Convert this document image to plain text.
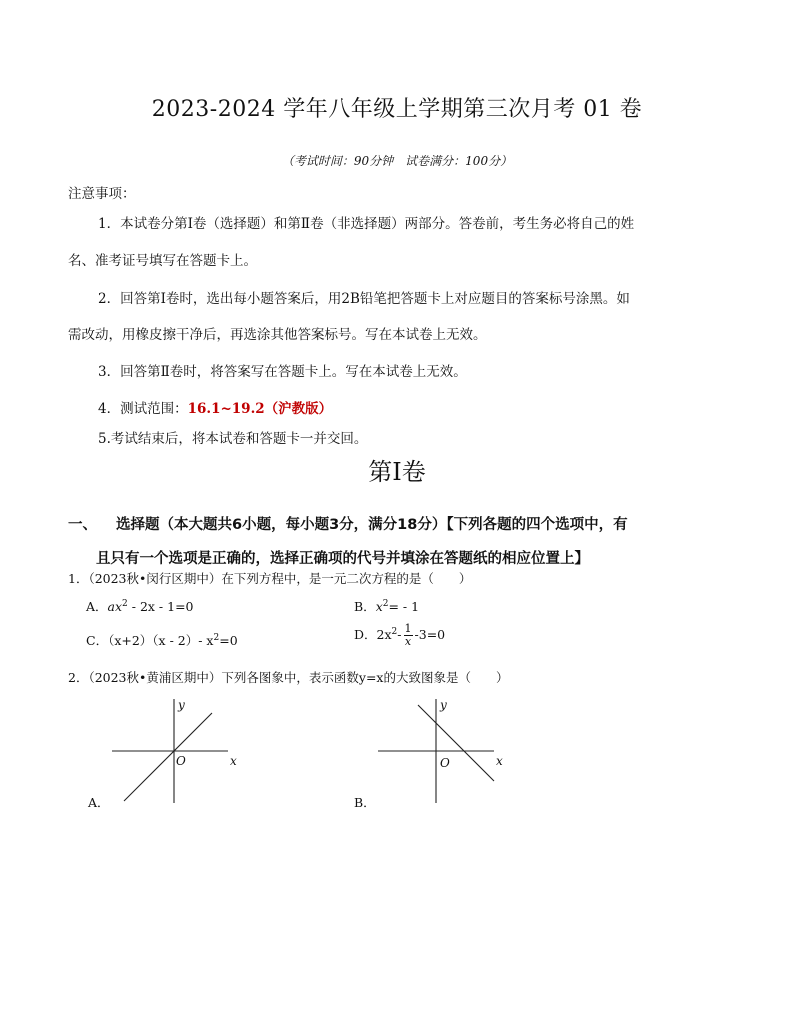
2023-2024 学年八年级上学期第三次月考 01 卷
（考试时间：90分钟　试卷满分：100分）
注意事项：
1．本试卷分第Ⅰ卷（选择题）和第Ⅱ卷（非选择题）两部分。答卷前，考生务必将自己的姓
名、准考证号填写在答题卡上。
2．回答第Ⅰ卷时，选出每小题答案后，用2B铅笔把答题卡上对应题目的答案标号涂黑。如
需改动，用橡皮擦干净后，再选涂其他答案标号。写在本试卷上无效。
3．回答第Ⅱ卷时，将答案写在答题卡上。写在本试卷上无效。
4．测试范围：16.1~19.2（沪教版）
5.考试结束后，将本试卷和答题卡一并交回。
第Ⅰ卷
一、 选择题（本大题共6小题，每小题3分，满分18分）【下列各题的四个选项中，有
且只有一个选项是正确的，选择正确项的代号并填涂在答题纸的相应位置上】
1．（2023秋•闵行区期中）在下列方程中，是一元二次方程的是（　　）
A．$ax^2 - 2x - 1=0$	B．$x^2= - 1$
C．（x+2）（x - 2）- $x^2=0$	D．$2x^2- \frac{1}{x} -3=0$
2．（2023秋•黄浦区期中）下列各图象中，表示函数y=x的大致图象是（　　）
y
x
O
A．
y
x
O
B．
